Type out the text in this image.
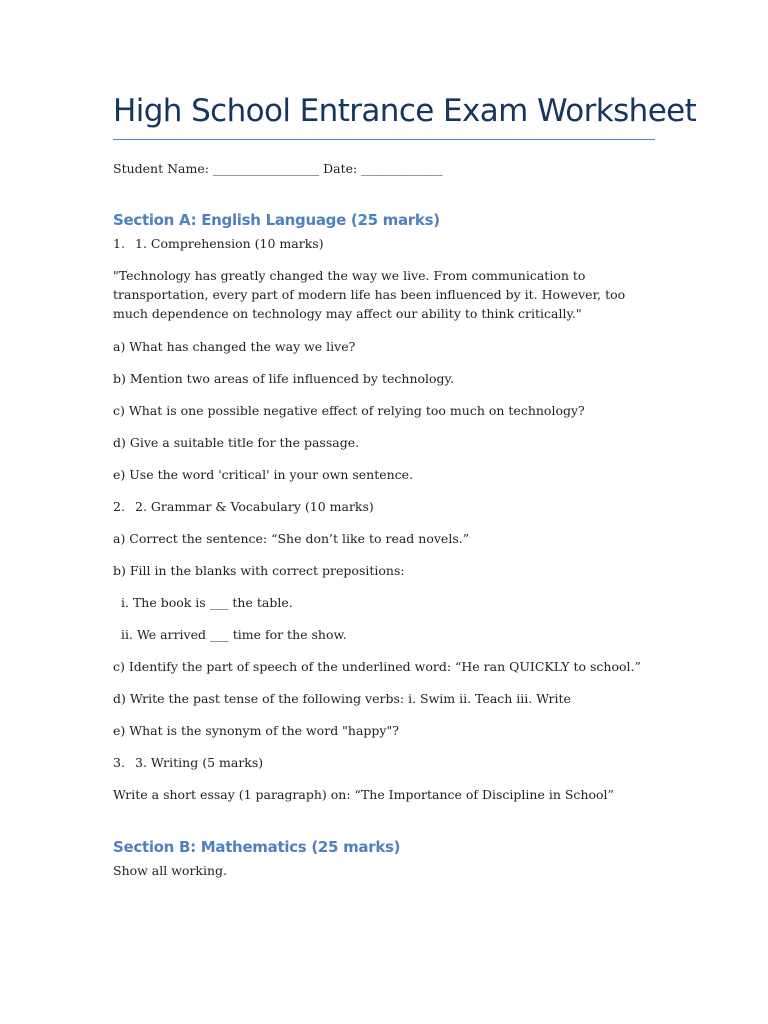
High School Entrance Exam Worksheet
Student Name: _________________ Date: _____________
Section A: English Language (25 marks)
1. 1. Comprehension (10 marks)
"Technology has greatly changed the way we live. From communication to transportation, every part of modern life has been influenced by it. However, too much dependence on technology may affect our ability to think critically."
a) What has changed the way we live?
b) Mention two areas of life influenced by technology.
c) What is one possible negative effect of relying too much on technology?
d) Give a suitable title for the passage.
e) Use the word 'critical' in your own sentence.
2. 2. Grammar & Vocabulary (10 marks)
a) Correct the sentence: “She don’t like to read novels.”
b) Fill in the blanks with correct prepositions:
i. The book is ___ the table.
ii. We arrived ___ time for the show.
c) Identify the part of speech of the underlined word: “He ran QUICKLY to school.”
d) Write the past tense of the following verbs: i. Swim ii. Teach iii. Write
e) What is the synonym of the word "happy"?
3. 3. Writing (5 marks)
Write a short essay (1 paragraph) on: “The Importance of Discipline in School”
Section B: Mathematics (25 marks)
Show all working.
